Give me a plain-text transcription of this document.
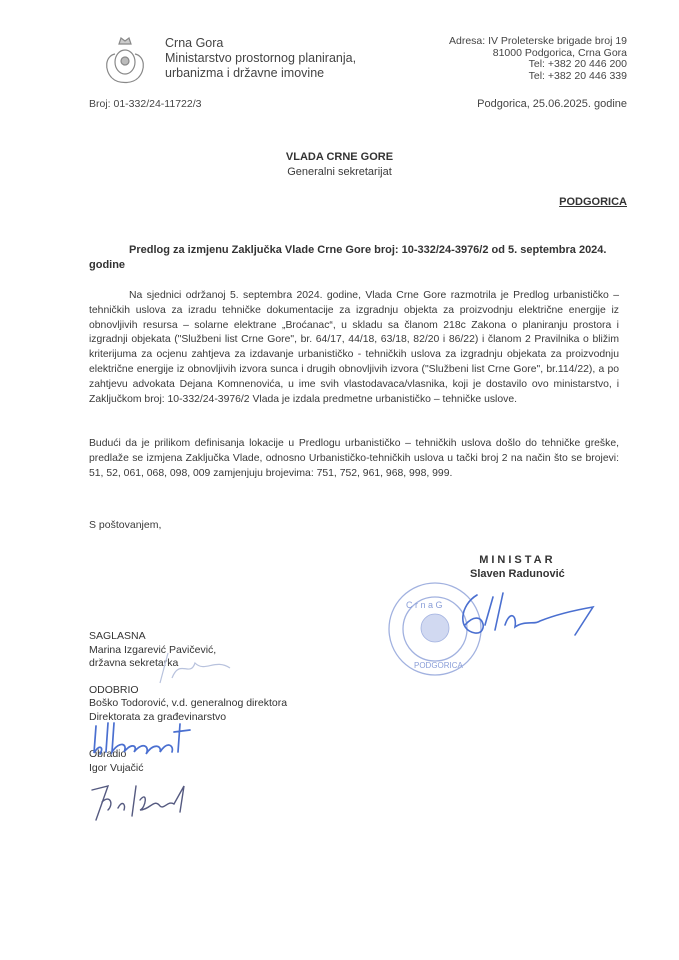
Crna Gora
Ministarstvo prostornog planiranja,
urbanizma i državne imovine
Adresa: IV Proleterske brigade broj 19
81000 Podgorica, Crna Gora
Tel: +382 20 446 200
Tel: +382 20 446 339
Broj: 01-332/24-11722/3	Podgorica, 25.06.2025. godine
VLADA CRNE GORE
Generalni sekretarijat
PODGORICA
Predlog za izmjenu Zaključka Vlade Crne Gore broj: 10-332/24-3976/2 od 5. septembra 2024. godine
Na sjednici održanoj 5. septembra 2024. godine, Vlada Crne Gore razmotrila je Predlog urbanističko – tehničkih uslova za izradu tehničke dokumentacije za izgradnju objekta za proizvodnju električne energije iz obnovljivih resursa – solarne elektrane „Broćanac“, u skladu sa članom 218c Zakona o planiranju prostora i izgradnji objekata ("Službeni list Crne Gore", br. 64/17, 44/18, 63/18, 82/20 i 86/22) i članom 2 Pravilnika o bližim kriterijuma za ocjenu zahtjeva za izdavanje urbanističko - tehničkih uslova za izgradnju objekata za proizvodnju električne energije iz obnovljivih izvora sunca i drugih obnovljivih izvora ("Službeni list Crne Gore", br.114/22), a po zahtjevu advokata Dejana Komnenovića, u ime svih vlastodavaca/vlasnika, koji je dostavilo ovo ministarstvo, i Zaključkom broj: 10-332/24-3976/2 Vlada je izdala predmetne urbanističko – tehničke uslove.
Budući da je prilikom definisanja lokacije u Predlogu urbanističko – tehničkih uslova došlo do tehničke greške, predlaže se izmjena Zaključka Vlade, odnosno Urbanističko-tehničkih uslova u tački broj 2 na način što se brojevi: 51, 52, 061, 068, 098, 009 zamjenjuju brojevima: 751, 752, 961, 968, 998, 999.
S poštovanjem,
MINISTAR
Slaven Radunović
C r n a G
PODGORICA
SAGLASNA
Marina Izgarević Pavičević,
državna sekretarka
ODOBRIO
Boško Todorović, v.d. generalnog direktora
Direktorata za građevinarstvo
Obradio
Igor Vujačić
